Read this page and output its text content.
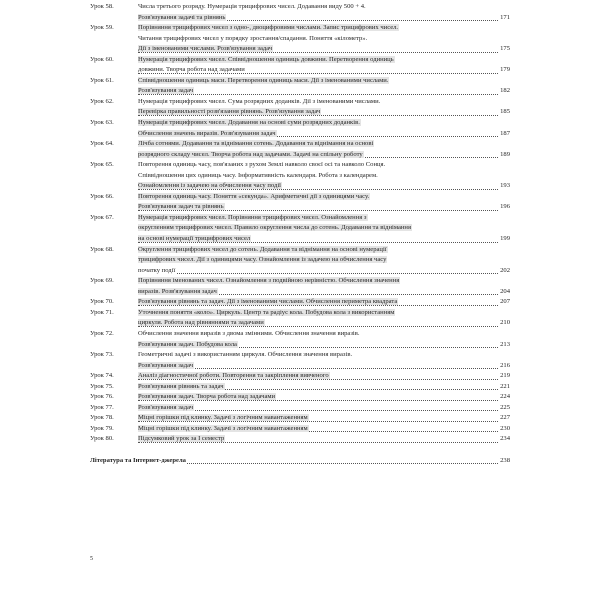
Урок 58.	Числа третього розряду. Нумерація трицифрових чисел. Додавання виду 500 + 4.
Розв'язування задачі та рівнянь	171
Урок 59.	Порівняння трицифрових чисел з одно-, двоцифровими числами. Запис трицифрових чисел.
Читання трицифрових чисел у порядку зростання/спадання. Поняття «кілометр».
Дії з іменованими числами. Розв'язування задач	175
Урок 60.	Нумерація трицифрових чисел. Співвідношення одиниць довжини. Перетворення одиниць
довжини. Творча робота над задачами	179
Урок 61.	Співвідношення одиниць маси. Перетворення одиниць маси. Дії з іменованими числами.
Розв'язування задач	182
Урок 62.	Нумерація трицифрових чисел. Сума розрядних доданків. Дії з іменованими числами.
Перевірка правильності розв'язання рівнянь. Розв'язування задач	185
Урок 63.	Нумерація трицифрових чисел. Додавання на основі суми розрядних доданків.
Обчислення значень виразів. Розв'язування задач	187
Урок 64.	Лічба сотнями. Додавання та віднімання сотень. Додавання та віднімання на основі
розрядного складу чисел. Творча робота над задачами. Задачі на спільну роботу	189
Урок 65.	Повторення одиниць часу, пов'язаних з рухом Землі навколо своєї осі та навколо Сонця.
Співвідношення цих одиниць часу. Інформативність календаря. Робота з календарем.
Ознайомлення із задачею на обчислення часу події	193
Урок 66.	Повторення одиниць часу. Поняття «секунда». Арифметичні дії з одиницями часу.
Розв'язування задач та рівнянь	196
Урок 67.	Нумерація трицифрових чисел. Порівняння трицифрових чисел. Ознайомлення з
округленням трицифрових чисел. Правило округлення числа до сотень. Додавання та віднімання
на основі нумерації трицифрових чисел	199
Урок 68.	Округлення трицифрових чисел до сотень. Додавання та віднімання на основі нумерації
трицифрових чисел. Дії з одиницями часу. Ознайомлення із задачею на обчислення часу
початку події	202
Урок 69.	Порівняння іменованих чисел. Ознайомлення з подвійною нерівністю. Обчислення значення
виразів. Розв'язування задач	204
Урок 70.	Розв'язування рівнянь та задач. Дії з іменованими числами. Обчислення периметра квадрата	207
Урок 71.	Уточнення поняття «коло». Циркуль. Центр та радіус кола. Побудова кола з використанням
циркуля. Робота над рівняннями та задачами	210
Урок 72.	Обчислення значення виразів з двома змінними. Обчислення значення виразів.
Розв'язування задач. Побудова кола	213
Урок 73.	Геометричні задачі з використанням циркуля. Обчислення значення виразів.
Розв'язування задач	216
Урок 74.	Аналіз діагностичної роботи. Повторення та закріплення вивченого	219
Урок 75.	Розв'язування рівнянь та задач	221
Урок 76.	Розв'язування задач. Творча робота над задачами	224
Урок 77.	Розв'язування задач	225
Урок 78.	Міцні горішки під клинку. Задачі з логічним навантаженням	227
Урок 79.	Міцні горішки під клинку. Задачі з логічним навантаженням	230
Урок 80.	Підсумковий урок за І семестр	234
Література та Інтернет-джерела	238
5
